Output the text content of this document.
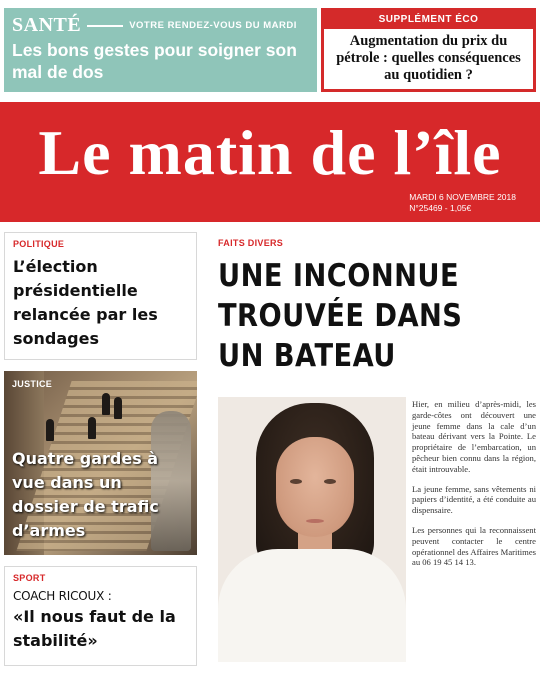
SANTÉ	VOTRE RENDEZ-VOUS DU MARDI
Les bons gestes pour soigner son mal de dos
SUPPLÉMENT ÉCO
Augmentation du prix du pétrole : quelles conséquences au quotidien ?
Le matin de l’île
MARDI 6 NOVEMBRE 2018
N°25469 - 1,05€
POLITIQUE
L’élection présidentielle relancée par les sondages
JUSTICE
Quatre gardes à vue dans un dossier de trafic d’armes
SPORT
COACH RICOUX :
«Il nous faut de la stabilité»
FAITS DIVERS
UNE INCONNUE
TROUVÉE DANS
UN BATEAU

Hier, en milieu d’après-midi, les garde-côtes ont découvert une jeune femme dans la cale d’un bateau dérivant vers la Pointe. Le propriétaire de l’embarcation, un pêcheur bien connu dans la région, était introuvable.

La jeune femme, sans vêtements ni papiers d’identité, a été conduite au dispensaire.

Les personnes qui la reconnaissent peuvent contacter le centre opérationnel des Affaires Maritimes au 06 19 45 14 13.
